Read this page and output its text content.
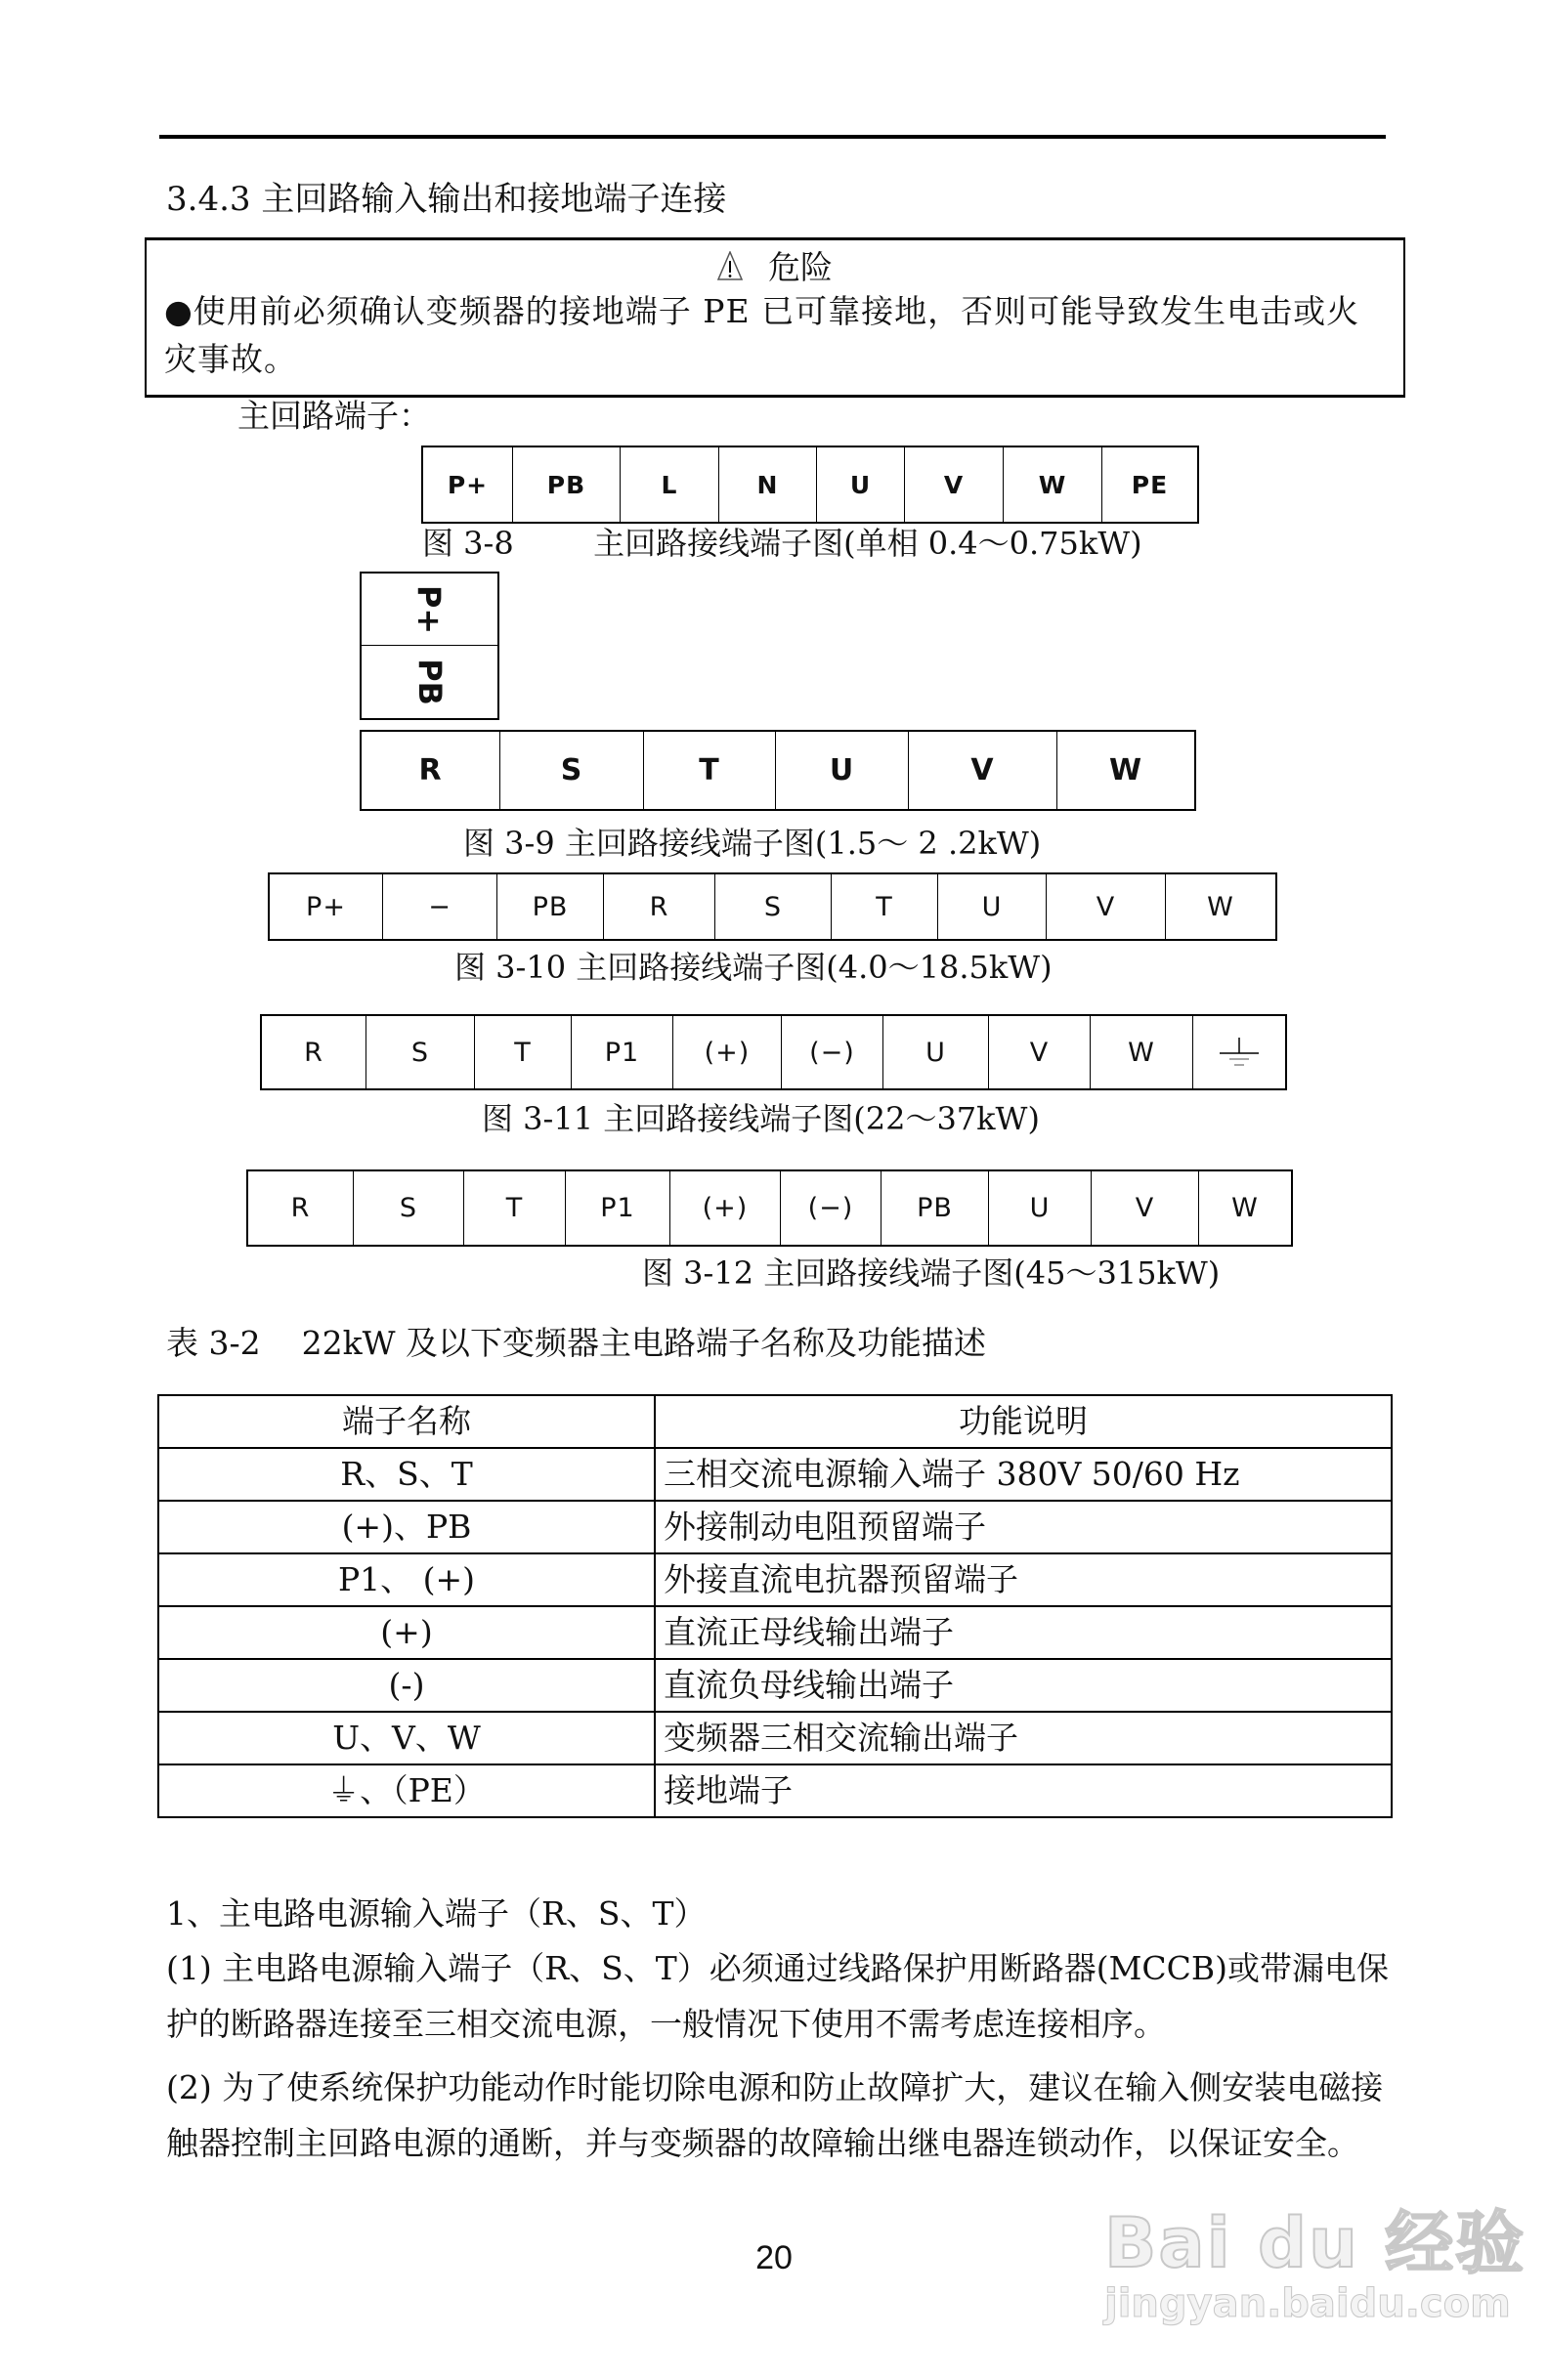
3.4.3 主回路输入输出和接地端子连接
危险
●使用前必须确认变频器的接地端子 PE 已可靠接地，否则可能导致发生电击或火灾事故。
主回路端子：
P+	PB	L	N	U	V	W	PE
图 3-8        主回路接线端子图(单相 0.4～0.75kW)
P+
PB
R	S	T	U	V	W
图 3-9 主回路接线端子图(1.5～ 2 .2kW)
P+	−	PB	R	S	T	U	V	W
图 3-10 主回路接线端子图(4.0～18.5kW)
R	S	T	P1	(+)	(−)	U	V	W
图 3-11 主回路接线端子图(22～37kW)
R	S	T	P1	(+)	(−)	PB	U	V	W
图 3-12 主回路接线端子图(45～315kW)
表 3-2    22kW 及以下变频器主电路端子名称及功能描述
端子名称	功能说明
R、S、T	三相交流电源输入端子 380V 50/60 Hz
(+)、PB	外接制动电阻预留端子
P1、 (+)	外接直流电抗器预留端子
(+)	直流正母线输出端子
(-)	直流负母线输出端子
U、V、W	变频器三相交流输出端子
⏚、（PE）	接地端子
1、主电路电源输入端子（R、S、T）
(1) 主电路电源输入端子（R、S、T）必须通过线路保护用断路器(MCCB)或带漏电保护的断路器连接至三相交流电源，一般情况下使用不需考虑连接相序。
(2) 为了使系统保护功能动作时能切除电源和防止故障扩大，建议在输入侧安装电磁接触器控制主回路电源的通断，并与变频器的故障输出继电器连锁动作，以保证安全。
20	Bai du 经验
jingyan.baidu.com
